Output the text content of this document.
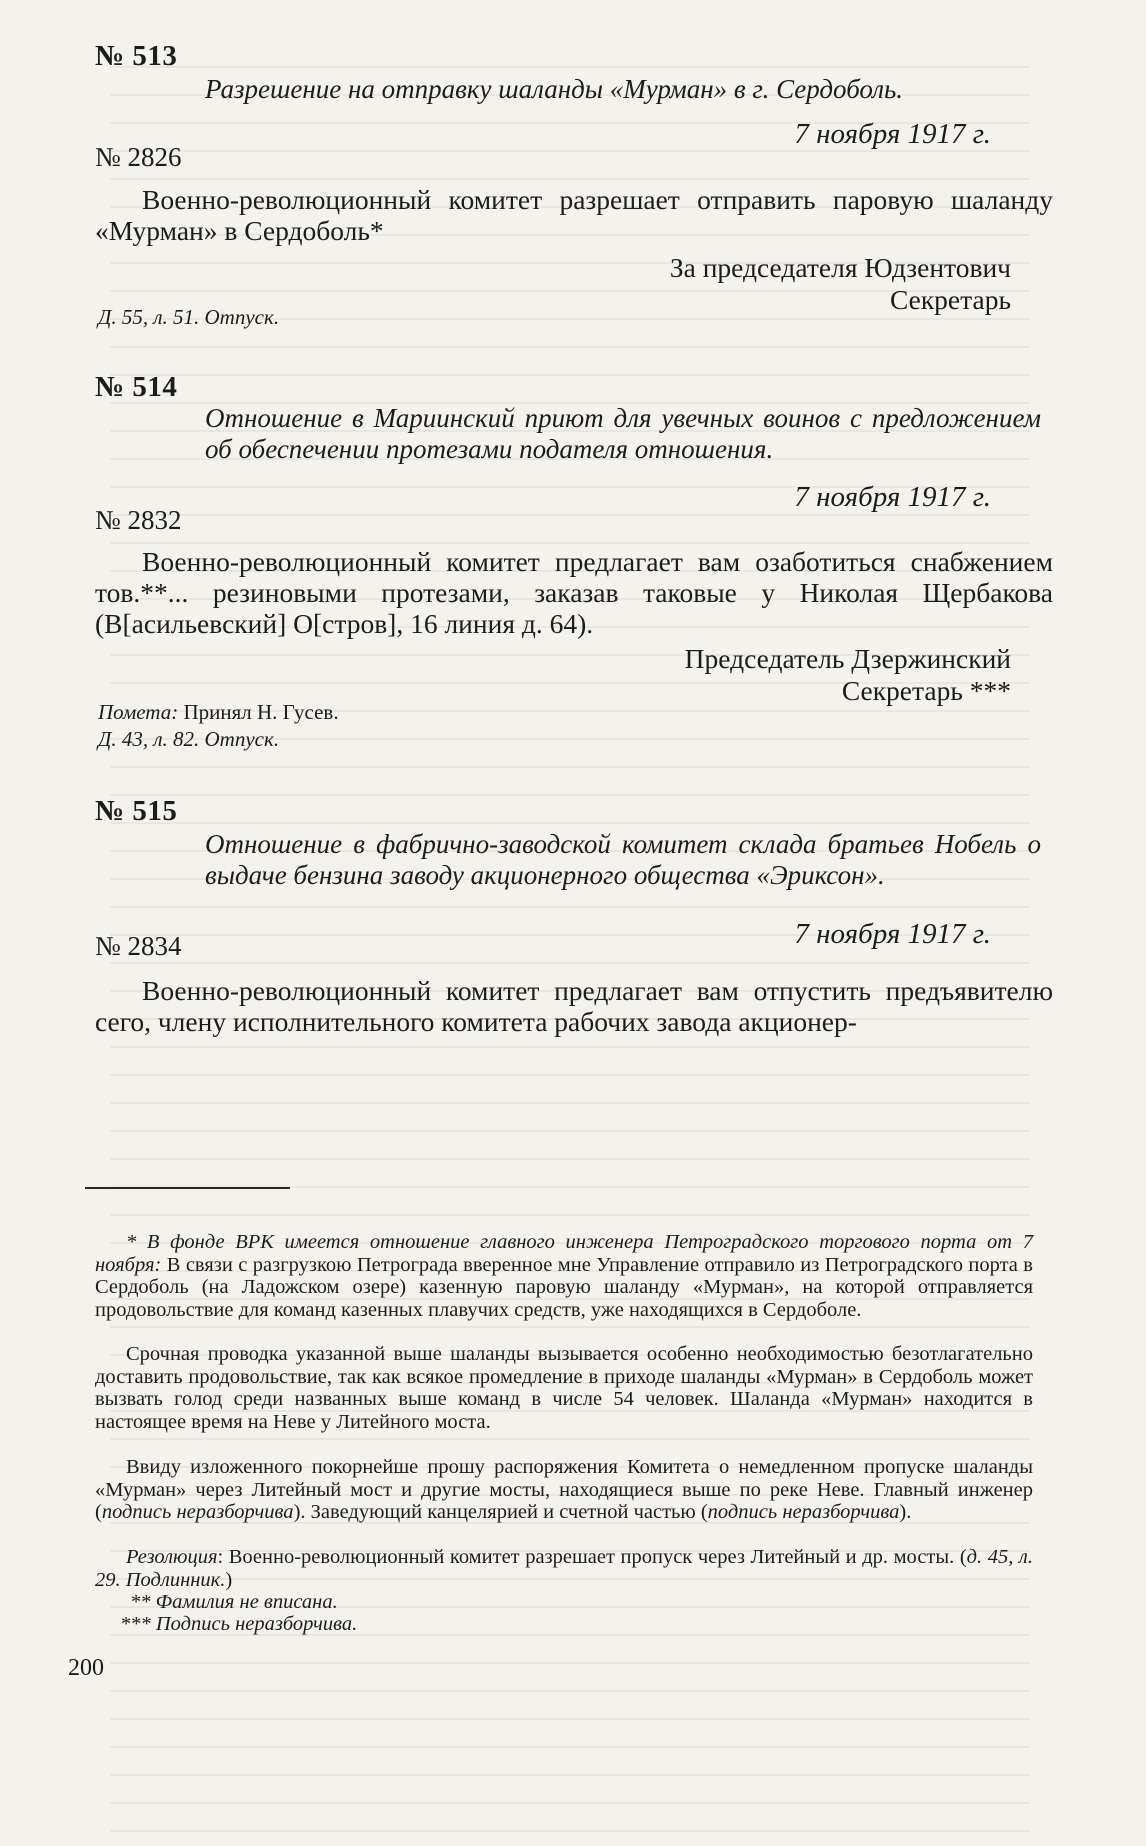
№ 513
Разрешение на отправку шаланды «Мурман» в г. Сердоболь.
7 ноября 1917 г.
№ 2826
Военно-революционный комитет разрешает отправить паровую шаланду «Мурман» в Сердоболь*
За председателя Юдзентович
Секретарь
Д. 55, л. 51. Отпуск.
№ 514
Отношение в Мариинский приют для увечных воинов с предложением об обеспечении протезами подателя отношения.
7 ноября 1917 г.
№ 2832
Военно-революционный комитет предлагает вам озаботиться снабжением тов.**... резиновыми протезами, заказав таковые у Николая Щербакова (В[асильевский] О[стров], 16 линия д. 64).
Председатель Дзержинский
Секретарь ***
Помета: Принял Н. Гусев.
Д. 43, л. 82. Отпуск.
№ 515
Отношение в фабрично-заводской комитет склада братьев Нобель о выдаче бензина заводу акционерного общества «Эриксон».
7 ноября 1917 г.
№ 2834
Военно-революционный комитет предлагает вам отпустить предъявителю сего, члену исполнительного комитета рабочих завода акционер-
* В фонде ВРК имеется отношение главного инженера Петроградского торгового порта от 7 ноября: В связи с разгрузкою Петрограда вверенное мне Управление отправило из Петроградского порта в Сердоболь (на Ладожском озере) казенную паровую шаланду «Мурман», на которой отправляется продовольствие для команд казенных плавучих средств, уже находящихся в Сердоболе.
Срочная проводка указанной выше шаланды вызывается особенно необходимостью безотлагательно доставить продовольствие, так как всякое промедление в приходе шаланды «Мурман» в Сердоболь может вызвать голод среди названных выше команд в числе 54 человек. Шаланда «Мурман» находится в настоящее время на Неве у Литейного моста.
Ввиду изложенного покорнейше прошу распоряжения Комитета о немедленном пропуске шаланды «Мурман» через Литейный мост и другие мосты, находящиеся выше по реке Неве. Главный инженер (подпись неразборчива). Заведующий канцелярией и счетной частью (подпись неразборчива).
Резолюция: Военно-революционный комитет разрешает пропуск через Литейный и др. мосты. (д. 45, л. 29. Подлинник.)
** Фамилия не вписана.
*** Подпись неразборчива.
200
